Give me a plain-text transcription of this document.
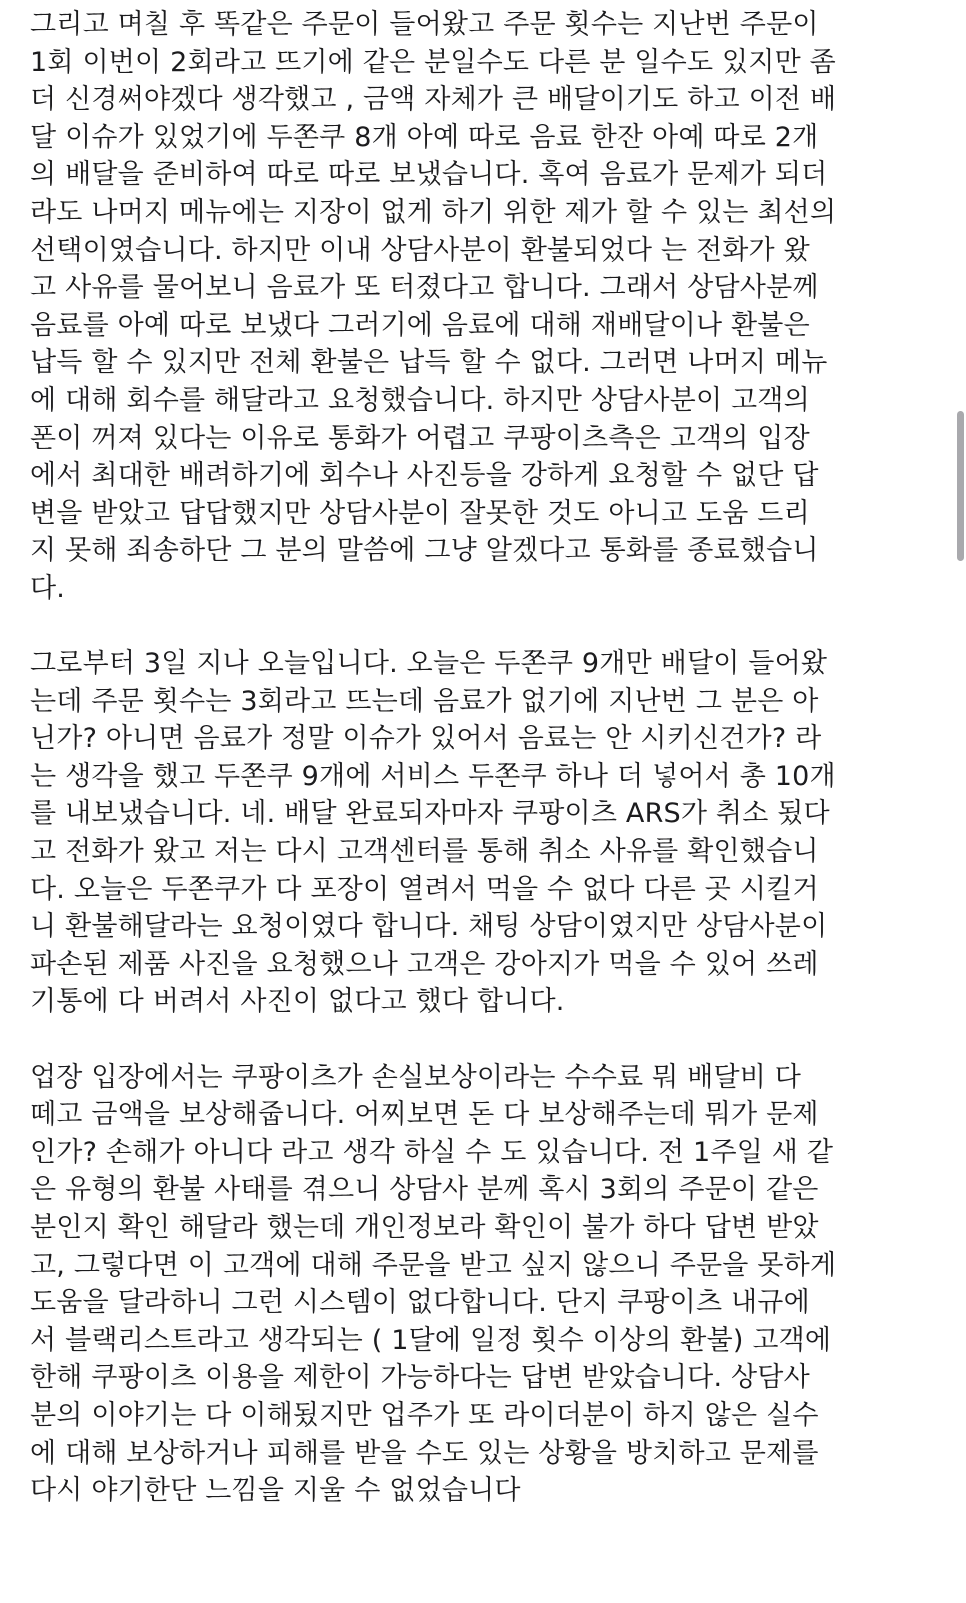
그리고 며칠 후 똑같은 주문이 들어왔고 주문 횟수는 지난번 주문이
1회 이번이 2회라고 뜨기에 같은 분일수도 다른 분 일수도 있지만 좀
더 신경써야겠다 생각했고 , 금액 자체가 큰 배달이기도 하고 이전 배
달 이슈가 있었기에 두쫀쿠 8개 아예 따로 음료 한잔 아예 따로 2개
의 배달을 준비하여 따로 따로 보냈습니다. 혹여 음료가 문제가 되더
라도 나머지 메뉴에는 지장이 없게 하기 위한 제가 할 수 있는 최선의
선택이였습니다. 하지만 이내 상담사분이 환불되었다 는 전화가 왔
고 사유를 물어보니 음료가 또 터졌다고 합니다. 그래서 상담사분께
음료를 아예 따로 보냈다 그러기에 음료에 대해 재배달이나 환불은
납득 할 수 있지만 전체 환불은 납득 할 수 없다. 그러면 나머지 메뉴
에 대해 회수를 해달라고 요청했습니다. 하지만 상담사분이 고객의
폰이 꺼져 있다는 이유로 통화가 어렵고 쿠팡이츠측은 고객의 입장
에서 최대한 배려하기에 회수나 사진등을 강하게 요청할 수 없단 답
변을 받았고 답답했지만 상담사분이 잘못한 것도 아니고 도움 드리
지 못해 죄송하단 그 분의 말씀에 그냥 알겠다고 통화를 종료했습니
다.

그로부터 3일 지나 오늘입니다. 오늘은 두쫀쿠 9개만 배달이 들어왔
는데 주문 횟수는 3회라고 뜨는데 음료가 없기에 지난번 그 분은 아
닌가? 아니면 음료가 정말 이슈가 있어서 음료는 안 시키신건가? 라
는 생각을 했고 두쫀쿠 9개에 서비스 두쫀쿠 하나 더 넣어서 총 10개
를 내보냈습니다. 네. 배달 완료되자마자 쿠팡이츠 ARS가 취소 됬다
고 전화가 왔고 저는 다시 고객센터를 통해 취소 사유를 확인했습니
다. 오늘은 두쫀쿠가 다 포장이 열려서 먹을 수 없다 다른 곳 시킬거
니 환불해달라는 요청이였다 합니다. 채팅 상담이였지만 상담사분이
파손된 제품 사진을 요청했으나 고객은 강아지가 먹을 수 있어 쓰레
기통에 다 버려서 사진이 없다고 했다 합니다.

업장 입장에서는 쿠팡이츠가 손실보상이라는 수수료 뭐 배달비 다
떼고 금액을 보상해줍니다. 어찌보면 돈 다 보상해주는데 뭐가 문제
인가? 손해가 아니다 라고 생각 하실 수 도 있습니다. 전 1주일 새 같
은 유형의 환불 사태를 겪으니 상담사 분께 혹시 3회의 주문이 같은
분인지 확인 해달라 했는데 개인정보라 확인이 불가 하다 답변 받았
고, 그렇다면 이 고객에 대해 주문을 받고 싶지 않으니 주문을 못하게
도움을 달라하니 그런 시스템이 없다합니다. 단지 쿠팡이츠 내규에
서 블랙리스트라고 생각되는 ( 1달에 일정 횟수 이상의 환불) 고객에
한해 쿠팡이츠 이용을 제한이 가능하다는 답변 받았습니다. 상담사
분의 이야기는 다 이해됬지만 업주가 또 라이더분이 하지 않은 실수
에 대해 보상하거나 피해를 받을 수도 있는 상황을 방치하고 문제를
다시 야기한단 느낌을 지울 수 없었습니다
